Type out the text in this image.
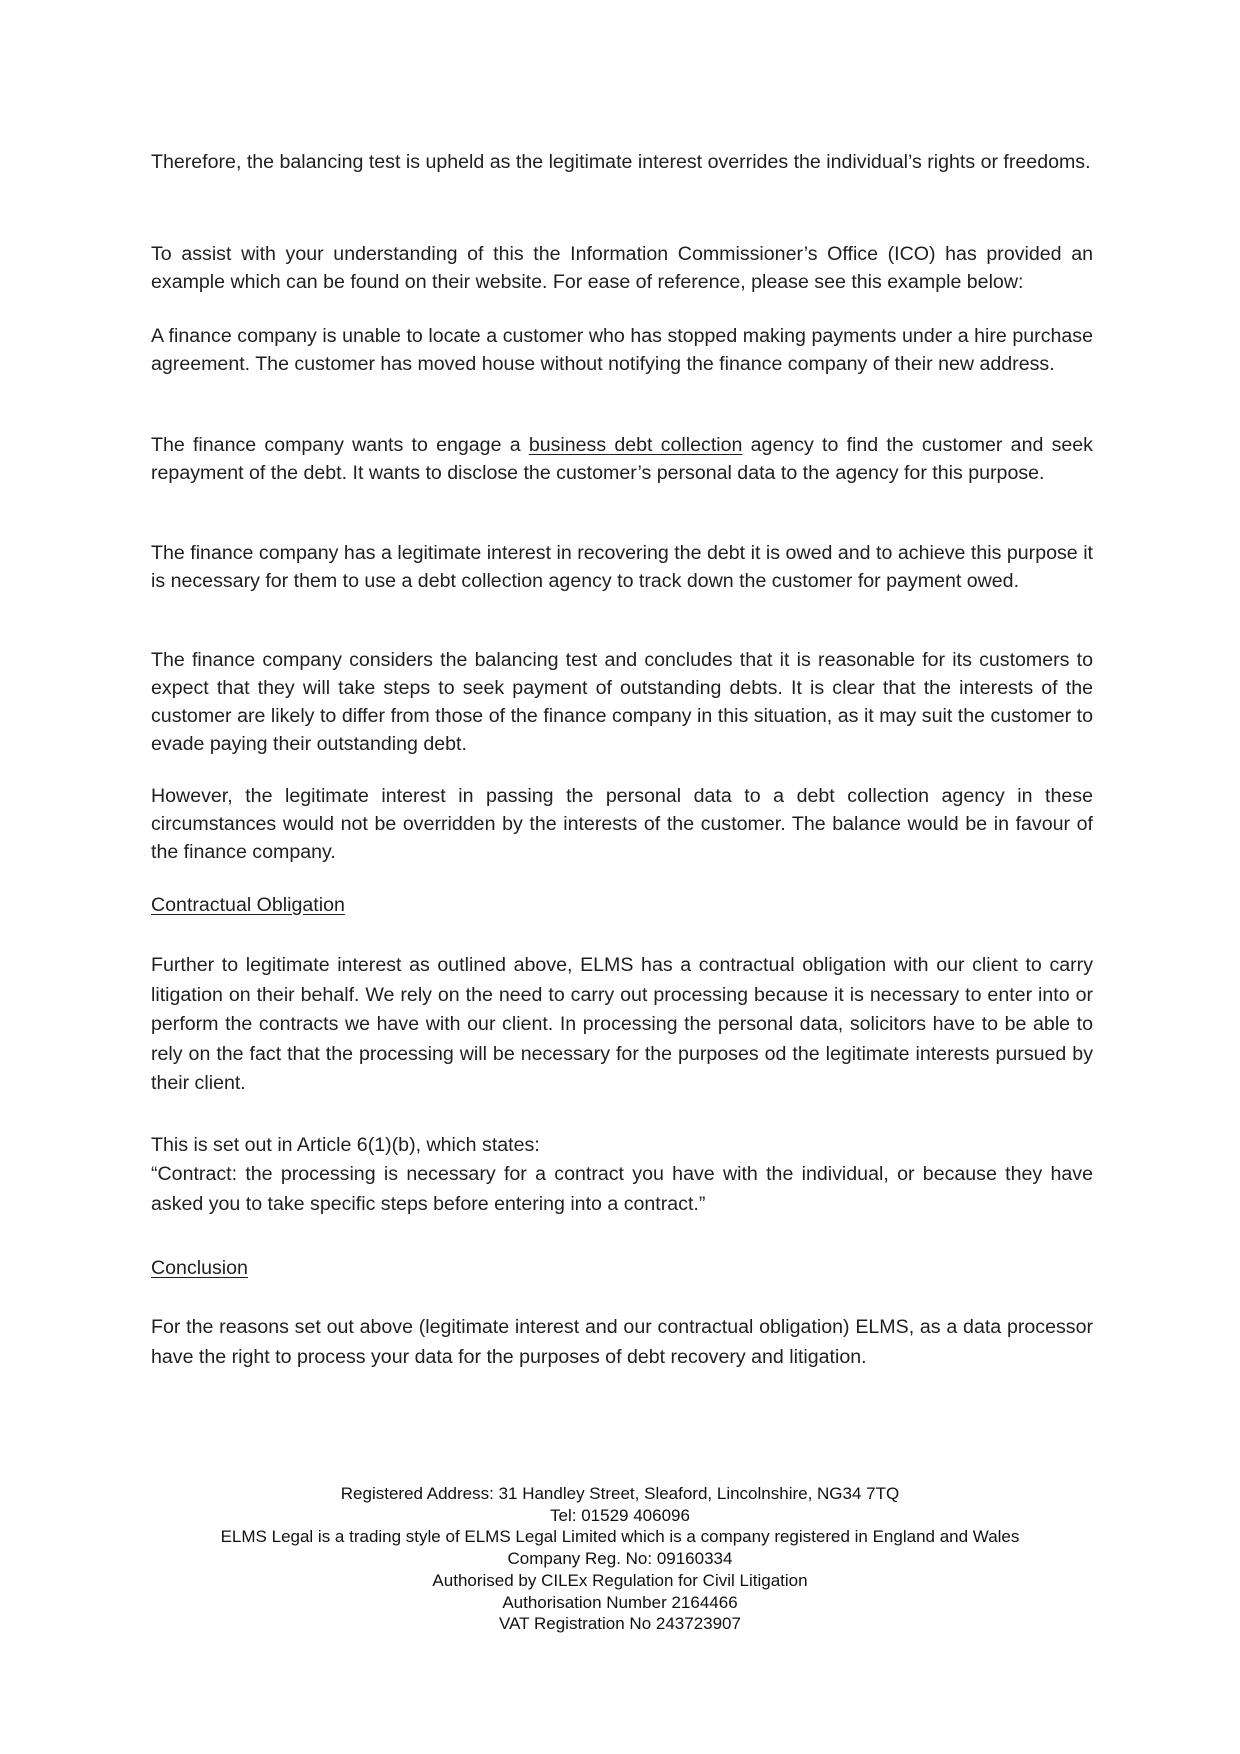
Therefore, the balancing test is upheld as the legitimate interest overrides the individual’s rights or freedoms.

To assist with your understanding of this the Information Commissioner’s Office (ICO) has provided an example which can be found on their website. For ease of reference, please see this example below:

A finance company is unable to locate a customer who has stopped making payments under a hire purchase agreement. The customer has moved house without notifying the finance company of their new address.

The finance company wants to engage a business debt collection agency to find the customer and seek repayment of the debt. It wants to disclose the customer’s personal data to the agency for this purpose.

The finance company has a legitimate interest in recovering the debt it is owed and to achieve this purpose it is necessary for them to use a debt collection agency to track down the customer for payment owed.

The finance company considers the balancing test and concludes that it is reasonable for its customers to expect that they will take steps to seek payment of outstanding debts. It is clear that the interests of the customer are likely to differ from those of the finance company in this situation, as it may suit the customer to evade paying their outstanding debt.

However, the legitimate interest in passing the personal data to a debt collection agency in these circumstances would not be overridden by the interests of the customer. The balance would be in favour of the finance company.

Contractual Obligation

Further to legitimate interest as outlined above, ELMS has a contractual obligation with our client to carry litigation on their behalf. We rely on the need to carry out processing because it is necessary to enter into or perform the contracts we have with our client. In processing the personal data, solicitors have to be able to rely on the fact that the processing will be necessary for the purposes od the legitimate interests pursued by their client.

This is set out in Article 6(1)(b), which states:

“Contract: the processing is necessary for a contract you have with the individual, or because they have asked you to take specific steps before entering into a contract.”

Conclusion

For the reasons set out above (legitimate interest and our contractual obligation) ELMS, as a data processor have the right to process your data for the purposes of debt recovery and litigation.

Registered Address: 31 Handley Street, Sleaford, Lincolnshire, NG34 7TQ
Tel: 01529 406096
ELMS Legal is a trading style of ELMS Legal Limited which is a company registered in England and Wales
Company Reg. No: 09160334
Authorised by CILEx Regulation for Civil Litigation
Authorisation Number 2164466
VAT Registration No 243723907
